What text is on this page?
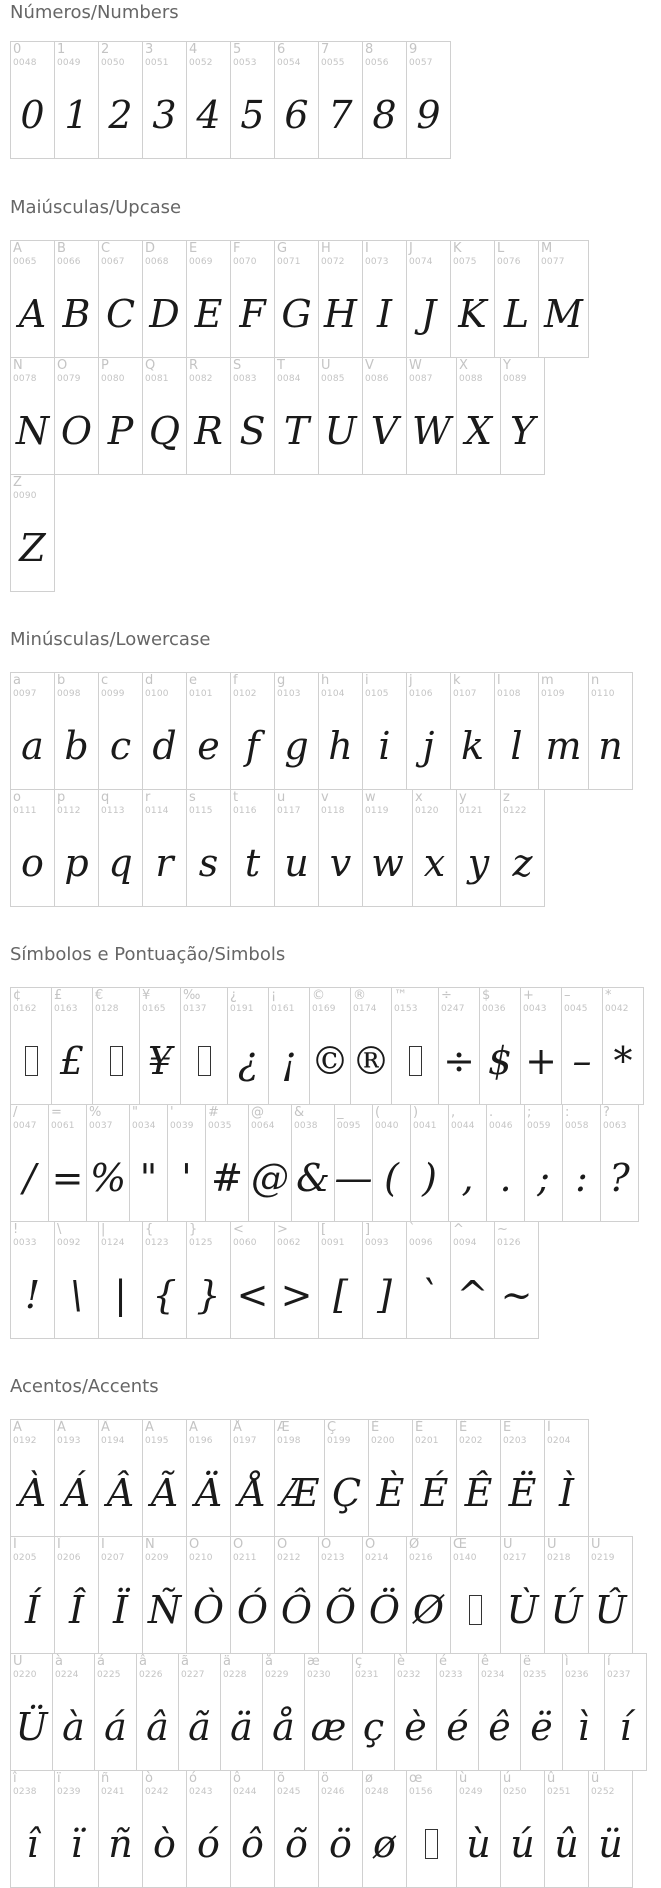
Números/Numbers
0
0048
0
1
0049
1
2
0050
2
3
0051
3
4
0052
4
5
0053
5
6
0054
6
7
0055
7
8
0056
8
9
0057
9
Maiúsculas/Upcase
A
0065
A
B
0066
B
C
0067
C
D
0068
D
E
0069
E
F
0070
F
G
0071
G
H
0072
H
I
0073
I
J
0074
J
K
0075
K
L
0076
L
M
0077
M
N
0078
N
O
0079
O
P
0080
P
Q
0081
Q
R
0082
R
S
0083
S
T
0084
T
U
0085
U
V
0086
V
W
0087
W
X
0088
X
Y
0089
Y
Z
0090
Z
Minúsculas/Lowercase
a
0097
a
b
0098
b
c
0099
c
d
0100
d
e
0101
e
f
0102
f
g
0103
g
h
0104
h
i
0105
i
j
0106
j
k
0107
k
l
0108
l
m
0109
m
n
0110
n
o
0111
o
p
0112
p
q
0113
q
r
0114
r
s
0115
s
t
0116
t
u
0117
u
v
0118
v
w
0119
w
x
0120
x
y
0121
y
z
0122
z
Símbolos e Pontuação/Simbols
¢
0162
£
0163
£
€
0128
¥
0165
¥
‰
0137
¿
0191
¿
¡
0161
¡
©
0169
©
®
0174
®
™
0153
÷
0247
÷
$
0036
$
+
0043
+
–
0045
–
*
0042
*
/
0047
/
=
0061
=
%
0037
%
"
0034
"
'
0039
'
#
0035
#
@
0064
@
&
0038
&
_
0095
—
(
0040
(
)
0041
)
,
0044
,
.
0046
.
;
0059
;
:
0058
:
?
0063
?
!
0033
!
\
0092
\
|
0124
|
{
0123
{
}
0125
}
<
0060
<
>
0062
>
[
0091
[
]
0093
]
`
0096
`
^
0094
^
~
0126
~
Acentos/Accents
À
0192
À
Á
0193
Á
Â
0194
Â
Ã
0195
Ã
Ä
0196
Ä
Å
0197
Å
Æ
0198
Æ
Ç
0199
Ç
È
0200
È
É
0201
É
Ê
0202
Ê
Ë
0203
Ë
Ì
0204
Ì
Í
0205
Í
Î
0206
Î
Ï
0207
Ï
Ñ
0209
Ñ
Ò
0210
Ò
Ó
0211
Ó
Ô
0212
Ô
Õ
0213
Õ
Ö
0214
Ö
Ø
0216
Ø
Œ
0140
Ù
0217
Ù
Ú
0218
Ú
Û
0219
Û
Ü
0220
Ü
à
0224
à
á
0225
á
â
0226
â
ã
0227
ã
ä
0228
ä
å
0229
å
æ
0230
æ
ç
0231
ç
è
0232
è
é
0233
é
ê
0234
ê
ë
0235
ë
ì
0236
ì
í
0237
í
î
0238
î
ï
0239
ï
ñ
0241
ñ
ò
0242
ò
ó
0243
ó
ô
0244
ô
õ
0245
õ
ö
0246
ö
ø
0248
ø
œ
0156
ù
0249
ù
ú
0250
ú
û
0251
û
ü
0252
ü
